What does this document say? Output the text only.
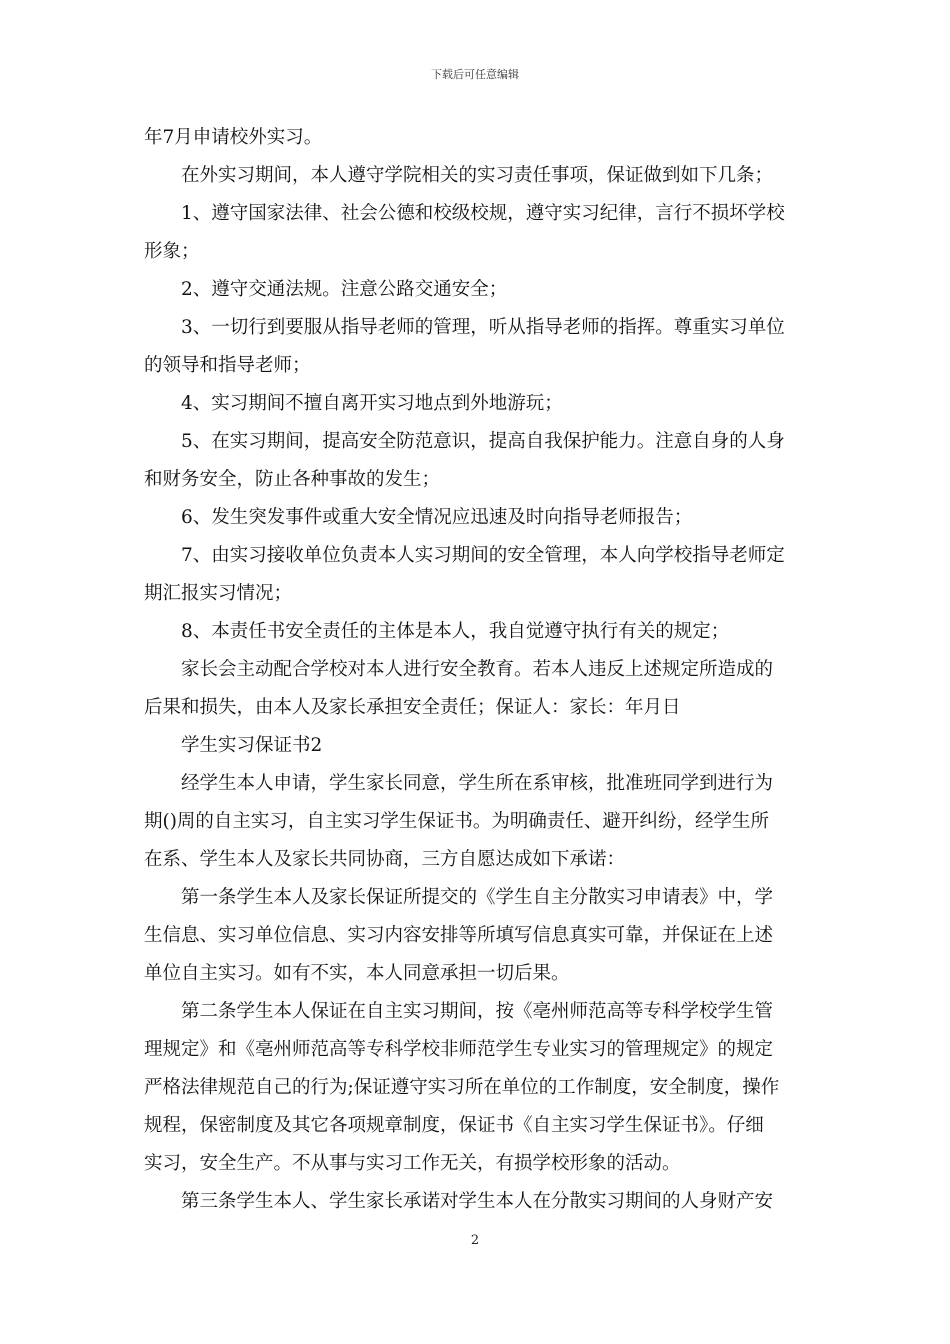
下载后可任意编辑
年7月申请校外实习。
　　在外实习期间，本人遵守学院相关的实习责任事项，保证做到如下几条；
　　1、遵守国家法律、社会公德和校级校规，遵守实习纪律，言行不损坏学校
形象；
　　2、遵守交通法规。注意公路交通安全；
　　3、一切行到要服从指导老师的管理，听从指导老师的指挥。尊重实习单位
的领导和指导老师；
　　4、实习期间不擅自离开实习地点到外地游玩；
　　5、在实习期间，提高安全防范意识，提高自我保护能力。注意自身的人身
和财务安全，防止各种事故的发生；
　　6、发生突发事件或重大安全情况应迅速及时向指导老师报告；
　　7、由实习接收单位负责本人实习期间的安全管理，本人向学校指导老师定
期汇报实习情况；
　　8、本责任书安全责任的主体是本人，我自觉遵守执行有关的规定；
　　家长会主动配合学校对本人进行安全教育。若本人违反上述规定所造成的
后果和损失，由本人及家长承担安全责任；保证人：家长：年月日
　　学生实习保证书2
　　经学生本人申请，学生家长同意，学生所在系审核，批准班同学到进行为
期()周的自主实习，自主实习学生保证书。为明确责任、避开纠纷，经学生所
在系、学生本人及家长共同协商，三方自愿达成如下承诺：
　　第一条学生本人及家长保证所提交的《学生自主分散实习申请表》中，学
生信息、实习单位信息、实习内容安排等所填写信息真实可靠，并保证在上述
单位自主实习。如有不实，本人同意承担一切后果。
　　第二条学生本人保证在自主实习期间，按《亳州师范高等专科学校学生管
理规定》和《亳州师范高等专科学校非师范学生专业实习的管理规定》的规定
严格法律规范自己的行为;保证遵守实习所在单位的工作制度，安全制度，操作
规程，保密制度及其它各项规章制度，保证书《自主实习学生保证书》。仔细
实习，安全生产。不从事与实习工作无关，有损学校形象的活动。
　　第三条学生本人、学生家长承诺对学生本人在分散实习期间的人身财产安
2
